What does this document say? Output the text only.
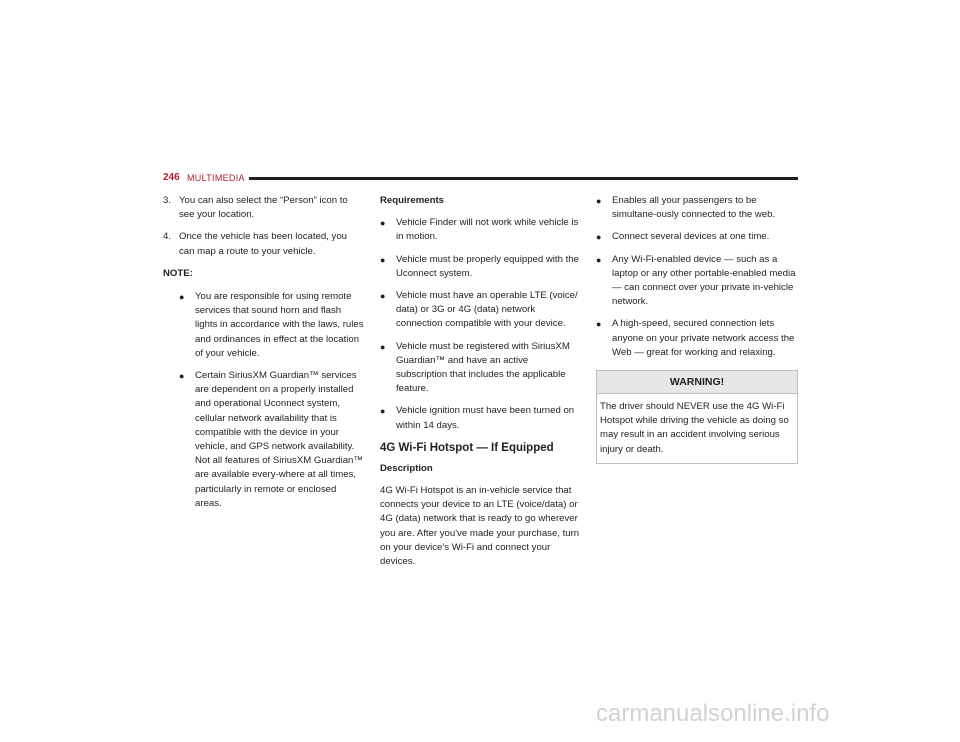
246 MULTIMEDIA
3. You can also select the “Person” icon to see your location.
4. Once the vehicle has been located, you can map a route to your vehicle.
NOTE:
●	You are responsible for using remote services that sound horn and flash lights in accordance with the laws, rules and ordinances in effect at the location of your vehicle.
●	Certain SiriusXM Guardian™ services are dependent on a properly installed and operational Uconnect system, cellular network availability that is compatible with the device in your vehicle, and GPS network availability. Not all features of SiriusXM Guardian™ are available every-where at all times, particularly in remote or enclosed areas.
Requirements
●	Vehicle Finder will not work while vehicle is in motion.
●	Vehicle must be properly equipped with the Uconnect system.
●	Vehicle must have an operable LTE (voice/ data) or 3G or 4G (data) network connection compatible with your device.
●	Vehicle must be registered with SiriusXM Guardian™ and have an active subscription that includes the applicable feature.
●	Vehicle ignition must have been turned on within 14 days.
4G Wi-Fi Hotspot — If Equipped
Description

4G Wi-Fi Hotspot is an in-vehicle service that connects your device to an LTE (voice/data) or 4G (data) network that is ready to go wherever you are. After you've made your purchase, turn on your device's Wi-Fi and connect your devices.

●	Enables all your passengers to be simultane-ously connected to the web.
●	Connect several devices at one time.
●	Any Wi-Fi-enabled device — such as a laptop or any other portable-enabled media — can connect over your private in-vehicle network.
●	A high-speed, secured connection lets anyone on your private network access the Web — great for working and relaxing.
WARNING!
The driver should NEVER use the 4G Wi-Fi Hotspot while driving the vehicle as doing so may result in an accident involving serious injury or death.
carmanualsonline.info
